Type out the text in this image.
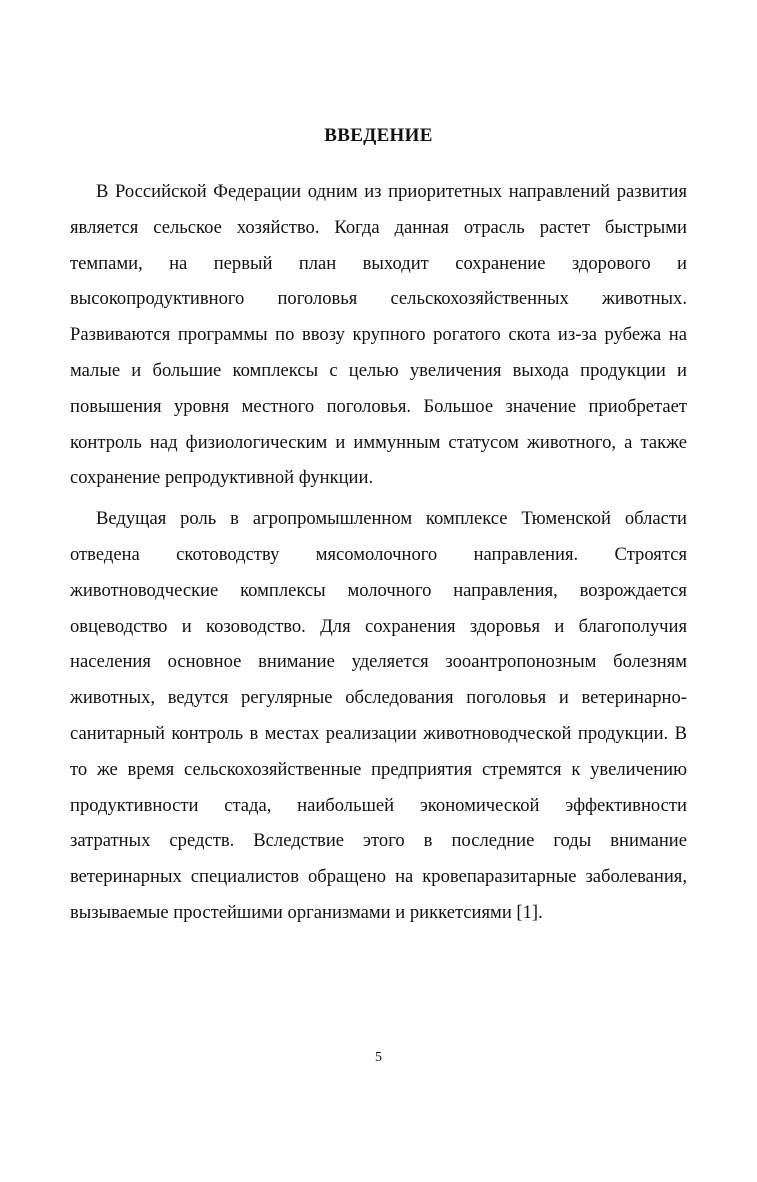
ВВЕДЕНИЕ

В Российской Федерации одним из приоритетных направлений развития является сельское хозяйство. Когда данная отрасль растет быстрыми темпами, на первый план выходит сохранение здорового и высокопродуктивного поголовья сельскохозяйственных животных. Развиваются программы по ввозу крупного рогатого скота из-за рубежа на малые и большие комплексы с целью увеличения выхода продукции и повышения уровня местного поголовья. Большое значение приобретает контроль над физиологическим и иммунным статусом животного, а также сохранение репродуктивной функции.

Ведущая роль в агропромышленном комплексе Тюменской области отведена скотоводству мясомолочного направления. Строятся животноводческие комплексы молочного направления, возрождается овцеводство и козоводство. Для сохранения здоровья и благополучия населения основное внимание уделяется зооантропонозным болезням животных, ведутся регулярные обследования поголовья и ветеринарно-санитарный контроль в местах реализации животноводческой продукции. В то же время сельскохозяйственные предприятия стремятся к увеличению продуктивности стада, наибольшей экономической эффективности затратных средств. Вследствие этого в последние годы внимание ветеринарных специалистов обращено на кровепаразитарные заболевания, вызываемые простейшими организмами и риккетсиями [1].

5
